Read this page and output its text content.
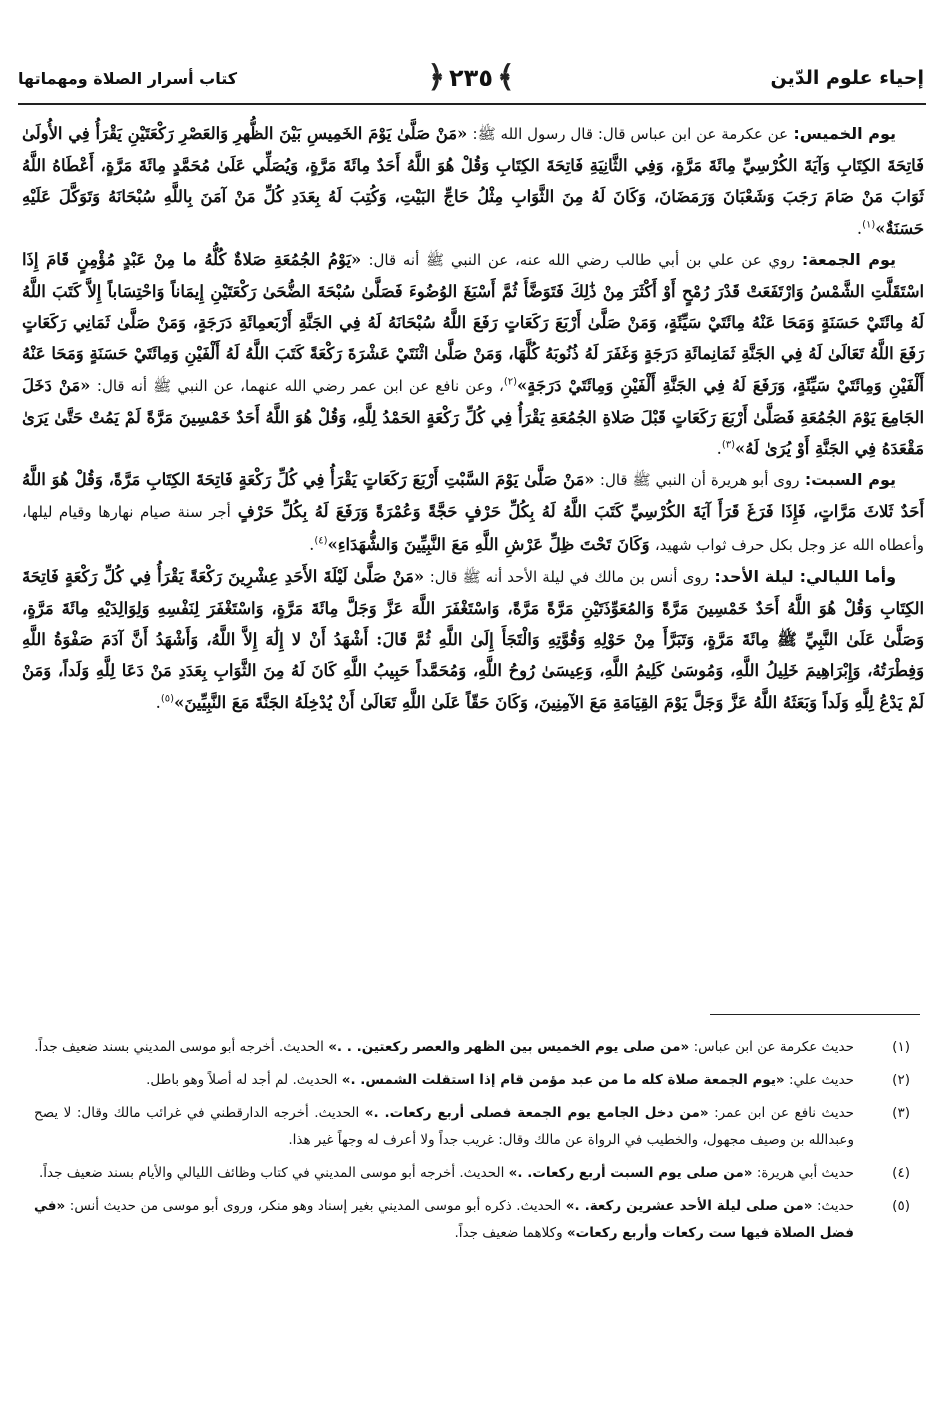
إحياء علوم الدّين
﴾
٢٣٥
﴿
كتاب أسرار الصلاة ومهماتها

يوم الخميس: عن عكرمة عن ابن عباس قال: قال رسول الله ﷺ: «مَنْ صَلَّىٰ يَوْمَ الخَمِيسِ بَيْنَ الظُّهرِ وَالعَصْرِ رَكْعَتَيْنِ يَقْرَأُ فِي الأُولَىٰ فَاتِحَةَ الكِتَابِ وَآيَةَ الكُرْسِيِّ مِائَةَ مَرَّةٍ، وَفِي الثَّانِيَةِ فَاتِحَةَ الكِتَابِ وَقُلْ هُوَ اللَّهُ أَحَدٌ مِائَةَ مَرَّةٍ، وَيُصَلِّي عَلَىٰ مُحَمَّدٍ مِائَةَ مَرَّةٍ، أَعْطَاهُ اللَّهُ ثَوَابَ مَنْ صَامَ رَجَبَ وَشَعْبَانَ وَرَمَضَانَ، وَكَانَ لَهُ مِنَ الثَّوَابِ مِثْلُ حَاجِّ البَيْتِ، وَكُتِبَ لَهُ بِعَدَدِ كُلِّ مَنْ آمَنَ بِاللَّهِ سُبْحَانَهُ وَتَوَكَّلَ عَلَيْهِ حَسَنَةٌ»$^{(١)}$.

يوم الجمعة: روي عن علي بن أبي طالب رضي الله عنه، عن النبي ﷺ أنه قال: «يَوْمُ الجُمُعَةِ صَلاةٌ كُلُّهُ ما مِنْ عَبْدٍ مُؤْمِنٍ قَامَ إِذَا اسْتَقَلَّتِ الشَّمْسُ وَارْتَفَعَتْ قَدْرَ رُمْحٍ أَوْ أَكْثَرَ مِنْ ذَٰلِكَ فَتَوَضَّأَ ثُمَّ أَسْبَغَ الوُضُوءَ فَصَلَّىٰ سُبْحَةَ الضُّحَىٰ رَكْعَتَيْنِ إِيمَاناً وَاحْتِسَاباً إِلاَّ كَتَبَ اللَّهُ لَهُ مِائَتَيْ حَسَنَةٍ وَمَحَا عَنْهُ مِائَتَيْ سَيِّئَةٍ، وَمَنْ صَلَّىٰ أَرْبَعَ رَكَعَاتٍ رَفَعَ اللَّهُ سُبْحَانَهُ لَهُ فِي الجَنَّةِ أَرْبَعمِائَةِ دَرَجَةٍ، وَمَنْ صَلَّىٰ ثَمَانِي رَكَعَاتٍ رَفَعَ اللَّهُ تَعَالَىٰ لَهُ فِي الجَنَّةِ ثَمَانِمائَةِ دَرَجَةٍ وَغَفَرَ لَهُ ذُنُوبَهُ كُلَّهَا، وَمَنْ صَلَّىٰ اثْنَتَيْ عَشْرَةَ رَكْعَةً كَتَبَ اللَّهُ لَهُ أَلْفَيْنِ وَمِائَتَيْ حَسَنَةٍ وَمَحَا عَنْهُ أَلْفَيْنِ وَمِائَتَيْ سَيِّئَةٍ، وَرَفَعَ لَهُ فِي الجَنَّةِ أَلْفَيْنِ وَمِائَتَيْ دَرَجَةٍ»$^{(٢)}$، وعن نافع عن ابن عمر رضي الله عنهما، عن النبي ﷺ أنه قال: «مَنْ دَخَلَ الجَامِعَ يَوْمَ الجُمُعَةِ فَصَلَّىٰ أَرْبَعَ رَكَعَاتٍ قَبْلَ صَلاةِ الجُمُعَةِ يَقْرَأُ فِي كُلِّ رَكْعَةٍ الحَمْدُ لِلَّهِ، وَقُلْ هُوَ اللَّهُ أَحَدٌ خَمْسِينَ مَرَّةً لَمْ يَمُتْ حَتَّىٰ يَرَىٰ مَقْعَدَهُ فِي الجَنَّةِ أَوْ يُرَىٰ لَهُ»$^{(٣)}$.

يوم السبت: روى أبو هريرة أن النبي ﷺ قال: «مَنْ صَلَّىٰ يَوْمَ السَّبْتِ أَرْبَعَ رَكَعَاتٍ يَقْرَأُ فِي كُلِّ رَكْعَةٍ فَاتِحَةَ الكِتَابِ مَرَّةً، وَقُلْ هُوَ اللَّهُ أَحَدٌ ثَلاثَ مَرَّاتٍ، فَإِذَا فَرَغَ قَرَأَ آيَةَ الكُرْسِيِّ كَتَبَ اللَّهُ لَهُ بِكُلِّ حَرْفٍ حَجَّةً وَعُمْرَةً وَرَفَعَ لَهُ بِكُلِّ حَرْفٍ أجر سنة صيام نهارها وقيام ليلها، وأعطاه الله عز وجل بكل حرف ثواب شهيد، وَكَانَ تَحْتَ ظِلِّ عَرْشِ اللَّهِ مَعَ النَّبِيِّينَ وَالشُّهَدَاءِ»$^{(٤)}$.

وأما الليالي: ليلة الأحد: روى أنس بن مالك في ليلة الأحد أنه ﷺ قال: «مَنْ صَلَّىٰ لَيْلَةَ الأَحَدِ عِشْرِينَ رَكْعَةً يَقْرَأُ فِي كُلِّ رَكْعَةٍ فَاتِحَةَ الكِتَابِ وَقُلْ هُوَ اللَّهُ أَحَدٌ خَمْسِينَ مَرَّةً وَالمُعَوِّذَتَيْنِ مَرَّةً مَرَّةً، وَاسْتَغْفَرَ اللَّهَ عَزَّ وَجَلَّ مِائَةَ مَرَّةٍ، وَاسْتَغْفَرَ لِنَفْسِهِ وَلِوَالِدَيْهِ مِائَةَ مَرَّةٍ، وَصَلَّىٰ عَلَىٰ النَّبِيِّ ﷺ مِائَةَ مَرَّةٍ، وَتَبَرَّأَ مِنْ حَوْلِهِ وَقُوَّتِهِ وَالْتَجَأَ إِلَىٰ اللَّهِ ثُمَّ قَالَ: أَشْهَدُ أَنْ لا إِلَٰهَ إِلاَّ اللَّهُ، وَأَشْهَدُ أَنَّ آدَمَ صَفْوَةُ اللَّهِ وَفِطْرَتُهُ، وَإِبْرَاهِيمَ خَلِيلُ اللَّهِ، وَمُوسَىٰ كَلِيمُ اللَّهِ، وَعِيسَىٰ رُوحُ اللَّهِ، وَمُحَمَّداً حَبِيبُ اللَّهِ كَانَ لَهُ مِنَ الثَّوَابِ بِعَدَدِ مَنْ دَعَا لِلَّهِ وَلَداً، وَمَنْ لَمْ يَدْعُ لِلَّهِ وَلَداً وَبَعَثَهُ اللَّهُ عَزَّ وَجَلَّ يَوْمَ القِيَامَةِ مَعَ الآمِنِينَ، وَكَانَ حَقّاً عَلَىٰ اللَّهِ تَعَالَىٰ أَنْ يُدْخِلَهُ الجَنَّةَ مَعَ النَّبِيِّينَ»$^{(٥)}$.

(١)
حديث عكرمة عن ابن عباس: «من صلى يوم الخميس بين الظهر والعصر ركعتين. . .» الحديث. أخرجه أبو موسى المديني بسند ضعيف جداً.
(٢)
حديث علي: «يوم الجمعة صلاة كله ما من عبد مؤمن قام إذا استقلت الشمس. .» الحديث. لم أجد له أصلاً وهو باطل.
(٣)
حديث نافع عن ابن عمر: «من دخل الجامع يوم الجمعة فصلى أربع ركعات. .» الحديث. أخرجه الدارقطني في غرائب مالك وقال: لا يصح وعبدالله بن وصيف مجهول، والخطيب في الرواة عن مالك وقال: غريب جداً ولا أعرف له وجهاً غير هذا.
(٤)
حديث أبي هريرة: «من صلى يوم السبت أربع ركعات. .» الحديث. أخرجه أبو موسى المديني في كتاب وظائف الليالي والأيام بسند ضعيف جداً.
(٥)
حديث: «من صلى ليلة الأحد عشرين ركعة. .» الحديث. ذكره أبو موسى المديني بغير إسناد وهو منكر، وروى أبو موسى من حديث أنس: «في فضل الصلاة فيها ست ركعات وأربع ركعات» وكلاهما ضعيف جداً.
